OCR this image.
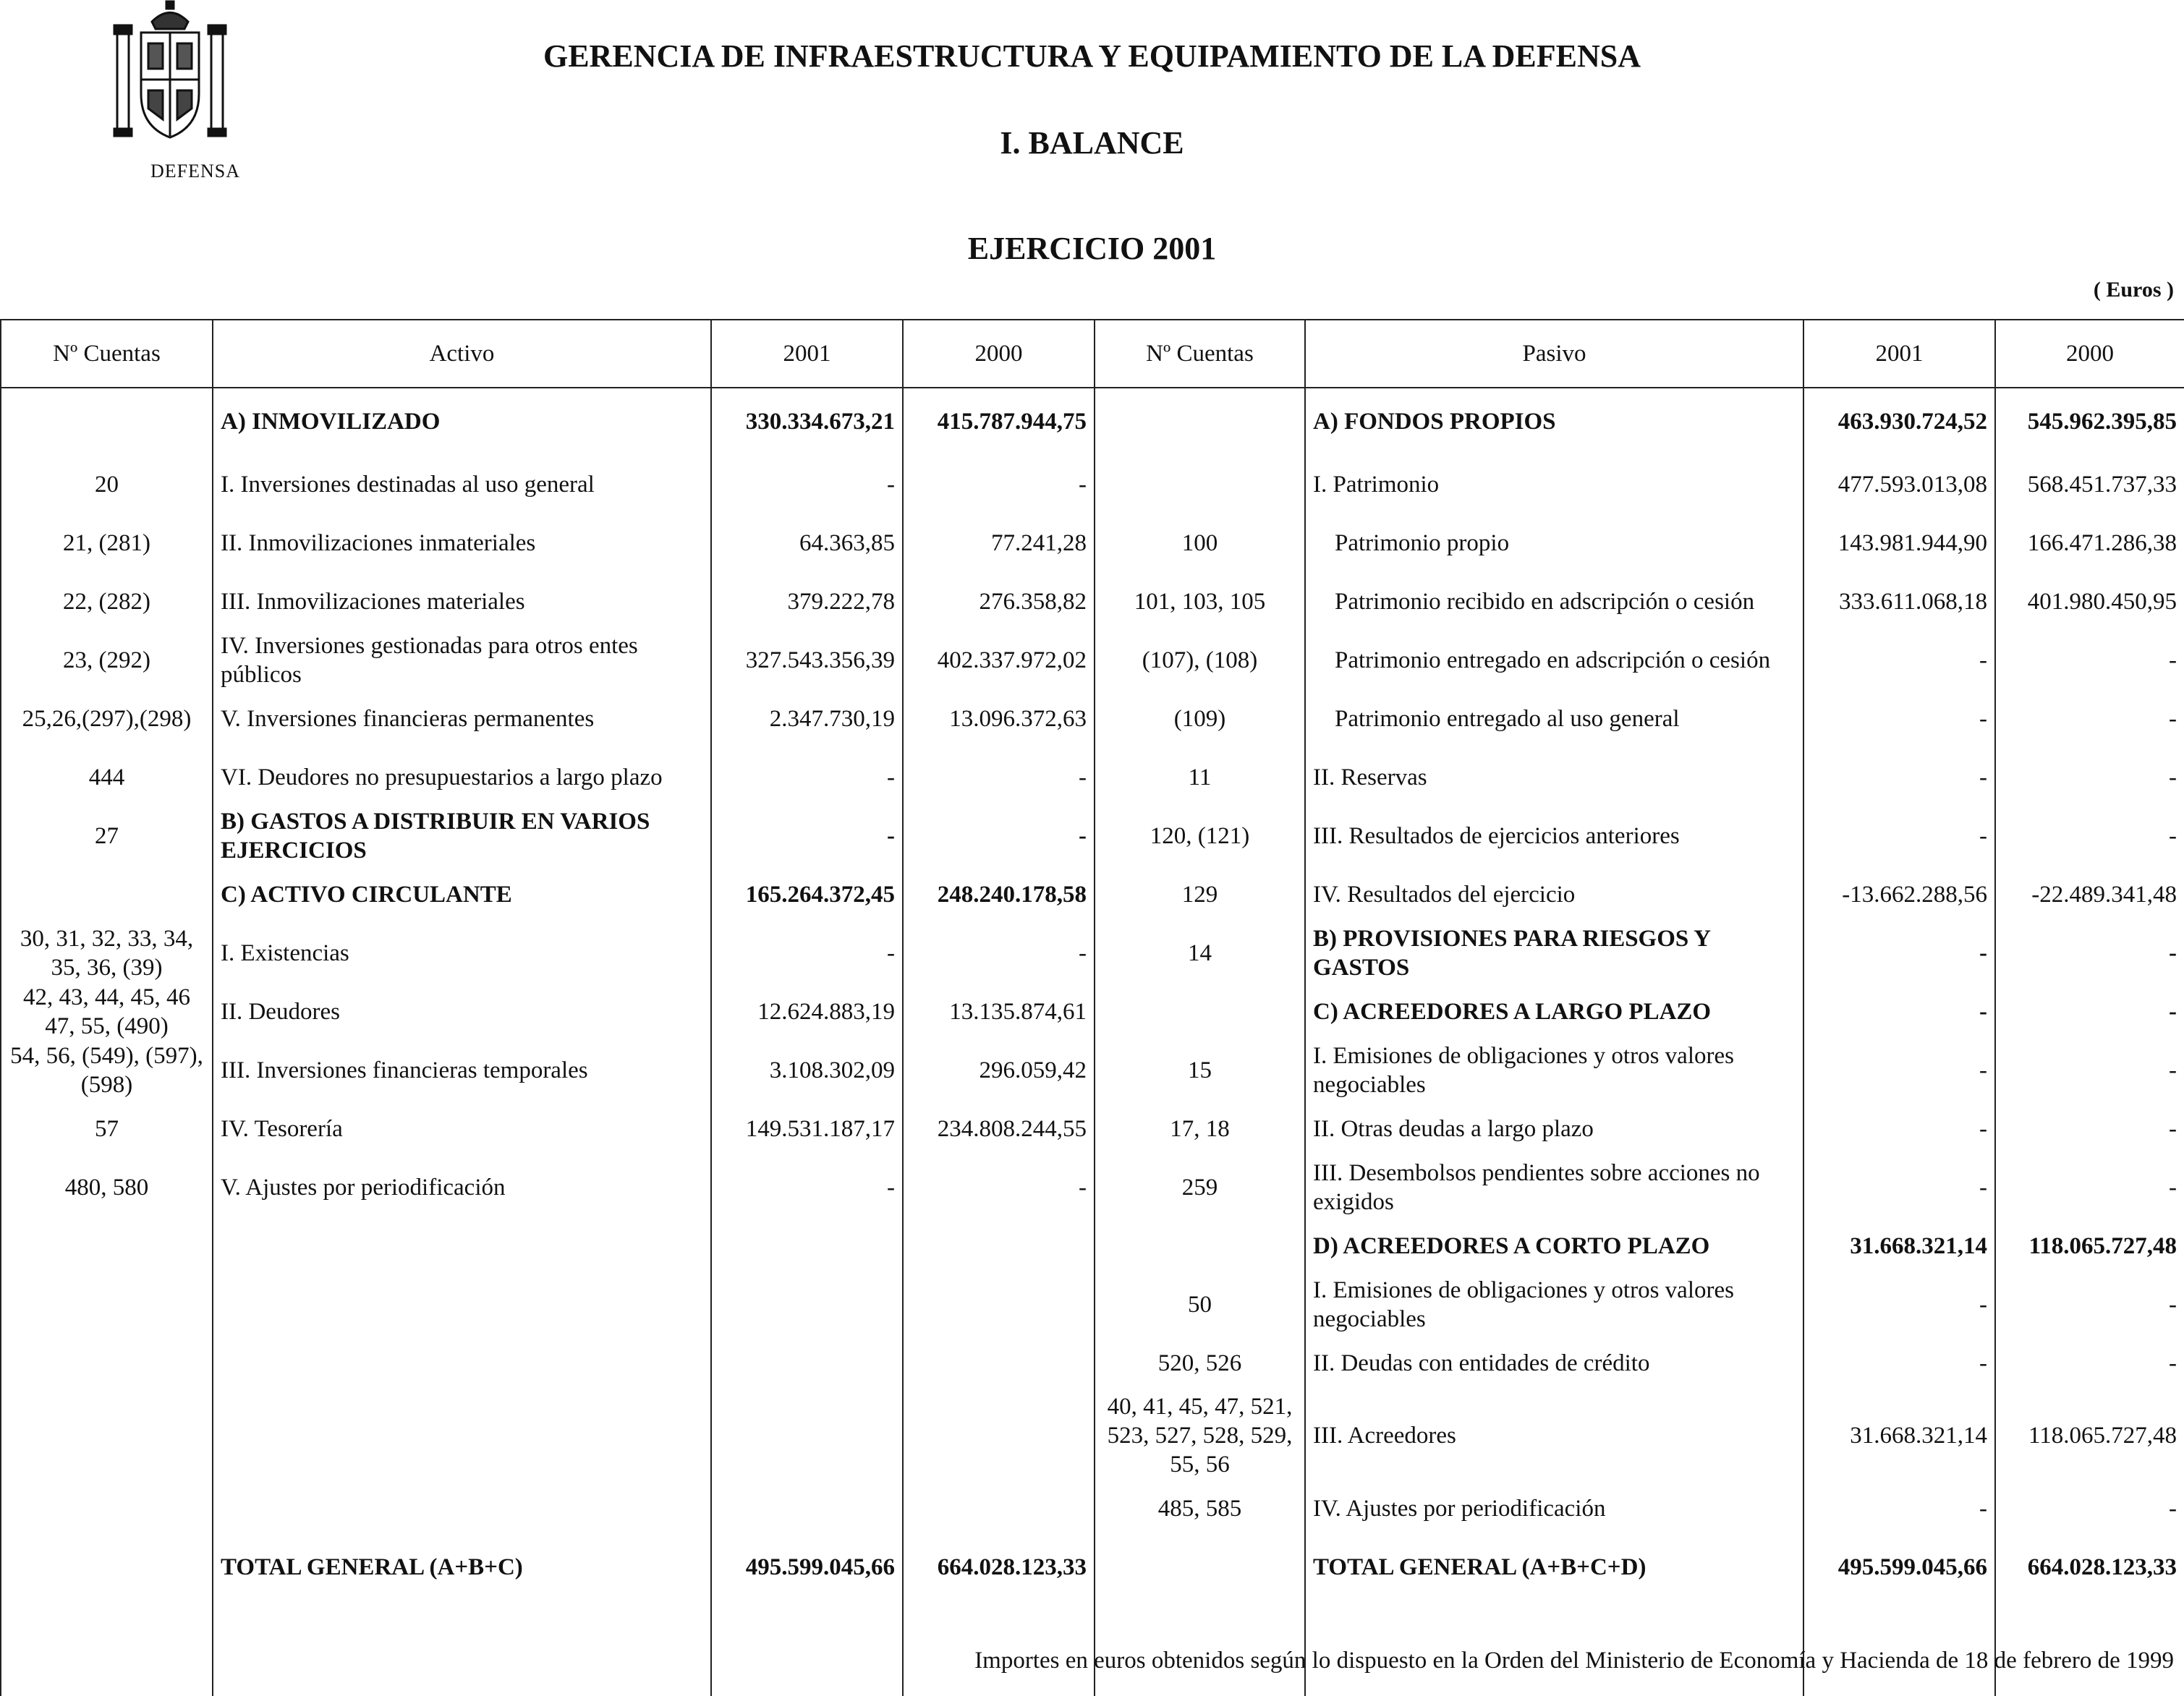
DEFENSA
GERENCIA DE INFRAESTRUCTURA Y EQUIPAMIENTO DE LA DEFENSA
I. BALANCE
EJERCICIO 2001
( Euros )
Nº Cuentas	Activo	2001	2000	Nº Cuentas	Pasivo	2001	2000
	A) INMOVILIZADO	330.334.673,21	415.787.944,75		A) FONDOS PROPIOS	463.930.724,52	545.962.395,85
20	I. Inversiones destinadas al uso general	-	-		I. Patrimonio	477.593.013,08	568.451.737,33
21, (281)	II. Inmovilizaciones inmateriales	64.363,85	77.241,28	100	Patrimonio propio	143.981.944,90	166.471.286,38
22, (282)	III. Inmovilizaciones materiales	379.222,78	276.358,82	101, 103, 105	Patrimonio recibido en adscripción o cesión	333.611.068,18	401.980.450,95
23, (292)	IV. Inversiones gestionadas para otros entes públicos	327.543.356,39	402.337.972,02	(107), (108)	Patrimonio entregado en adscripción o cesión	-	-
25,26,(297),(298)	V. Inversiones financieras permanentes	2.347.730,19	13.096.372,63	(109)	Patrimonio entregado al uso general	-	-
444	VI. Deudores no presupuestarios a largo plazo	-	-	11	II. Reservas	-	-
27	B) GASTOS A DISTRIBUIR EN VARIOS EJERCICIOS	-	-	120, (121)	III. Resultados de ejercicios anteriores	-	-
	C) ACTIVO CIRCULANTE	165.264.372,45	248.240.178,58	129	IV. Resultados del ejercicio	-13.662.288,56	-22.489.341,48
30, 31, 32, 33, 34, 35, 36, (39)	I. Existencias	-	-	14	B) PROVISIONES PARA RIESGOS Y GASTOS	-	-
42, 43, 44, 45, 46 47, 55, (490)	II. Deudores	12.624.883,19	13.135.874,61		C) ACREEDORES A LARGO PLAZO	-	-
54, 56, (549), (597), (598)	III. Inversiones financieras temporales	3.108.302,09	296.059,42	15	I. Emisiones de obligaciones y otros valores negociables	-	-
57	IV. Tesorería	149.531.187,17	234.808.244,55	17, 18	II. Otras deudas a largo plazo	-	-
480, 580	V. Ajustes por periodificación	-	-	259	III. Desembolsos pendientes sobre acciones no exigidos	-	-
					D) ACREEDORES A CORTO PLAZO	31.668.321,14	118.065.727,48
				50	I. Emisiones de obligaciones y otros valores negociables	-	-
				520, 526	II. Deudas con entidades de crédito	-	-
				40, 41, 45, 47, 521, 523, 527, 528, 529, 55, 56	III. Acreedores	31.668.321,14	118.065.727,48
				485, 585	IV. Ajustes por periodificación	-	-
	TOTAL GENERAL (A+B+C)	495.599.045,66	664.028.123,33		TOTAL GENERAL (A+B+C+D)	495.599.045,66	664.028.123,33

Importes en euros obtenidos según lo dispuesto en la Orden del Ministerio de Economía y Hacienda de 18 de febrero de 1999
